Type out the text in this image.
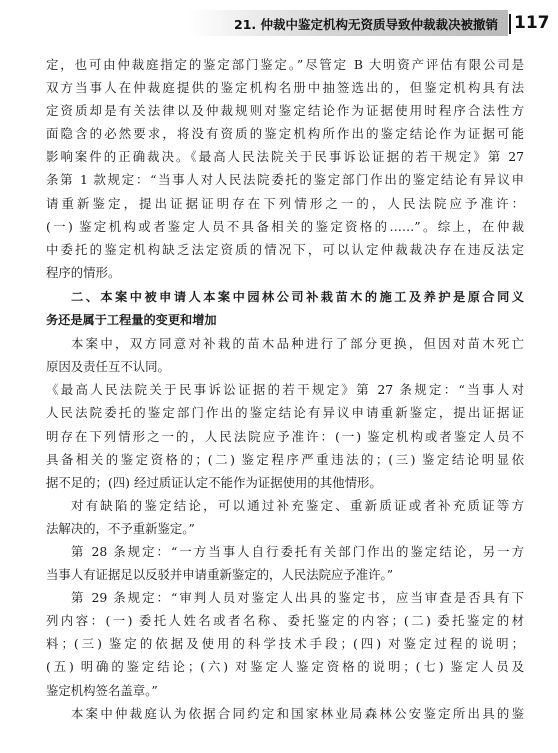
21. 仲裁中鉴定机构无资质导致仲裁裁决被撤销 117
定，也可由仲裁庭指定的鉴定部门鉴定。”尽管定 B 大明资产评估有限公司是
双方当事人在仲裁庭提供的鉴定机构名册中抽签选出的，但鉴定机构具有法
定资质却是有关法律以及仲裁规则对鉴定结论作为证据使用时程序合法性方
面隐含的必然要求，将没有资质的鉴定机构所作出的鉴定结论作为证据可能
影响案件的正确裁决。《最高人民法院关于民事诉讼证据的若干规定》第 27
条第 1 款规定：“当事人对人民法院委托的鉴定部门作出的鉴定结论有异议申
请重新鉴定，提出证据证明存在下列情形之一的，人民法院应予准许：
(一) 鉴定机构或者鉴定人员不具备相关的鉴定资格的……”。综上，在仲裁
中委托的鉴定机构缺乏法定资质的情况下，可以认定仲裁裁决存在违反法定
程序的情形。
二、本案中被申请人本案中园林公司补栽苗木的施工及养护是原合同义
务还是属于工程量的变更和增加
本案中，双方同意对补栽的苗木品种进行了部分更换，但因对苗木死亡
原因及责任互不认同。
《最高人民法院关于民事诉讼证据的若干规定》第 27 条规定：“当事人对
人民法院委托的鉴定部门作出的鉴定结论有异议申请重新鉴定，提出证据证
明存在下列情形之一的，人民法院应予准许：(一) 鉴定机构或者鉴定人员不
具备相关的鉴定资格的；(二) 鉴定程序严重违法的；(三) 鉴定结论明显依
据不足的；(四) 经过质证认定不能作为证据使用的其他情形。
对有缺陷的鉴定结论，可以通过补充鉴定、重新质证或者补充质证等方
法解决的，不予重新鉴定。”
第 28 条规定：“一方当事人自行委托有关部门作出的鉴定结论，另一方
当事人有证据足以反驳并申请重新鉴定的，人民法院应予准许。”
第 29 条规定：“审判人员对鉴定人出具的鉴定书，应当审查是否具有下
列内容：(一) 委托人姓名或者名称、委托鉴定的内容；(二) 委托鉴定的材
料；(三) 鉴定的依据及使用的科学技术手段；(四) 对鉴定过程的说明；
(五) 明确的鉴定结论；(六) 对鉴定人鉴定资格的说明；(七) 鉴定人员及
鉴定机构签名盖章。”
本案中仲裁庭认为依据合同约定和国家林业局森林公安鉴定所出具的鉴
